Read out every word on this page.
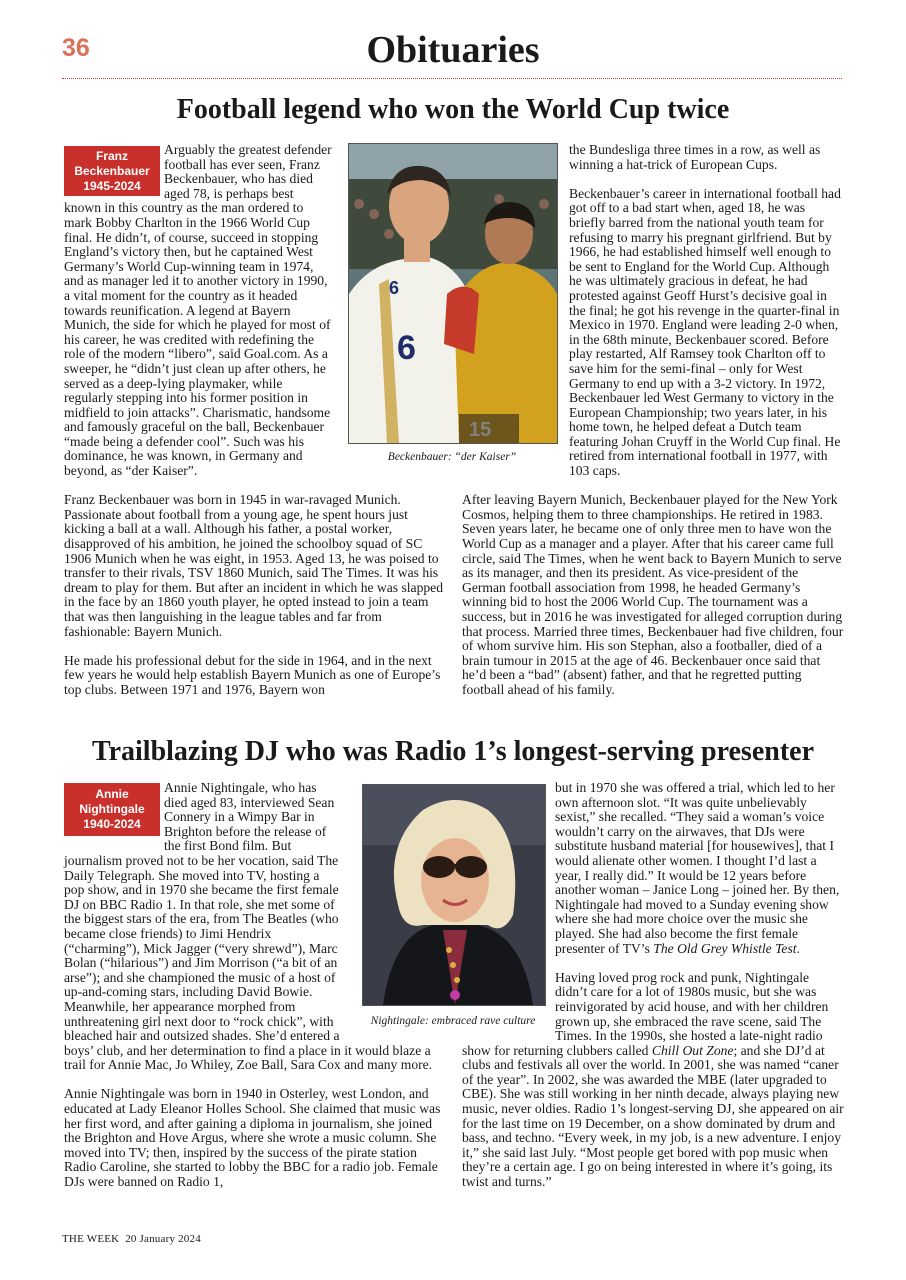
36	Obituaries
Football legend who won the World Cup twice
Franz Beckenbauer
1945-2024
6
6
Beckenbauer: “der Kaiser”

Arguably the greatest defender football has ever seen, Franz Beckenbauer, who has died aged 78, is perhaps best known in this country as the man ordered to mark Bobby Charlton in the 1966 World Cup final. He didn’t, of course, succeed in stopping England’s victory then, but he captained West Germany’s World Cup-winning team in 1974, and as manager led it to another victory in 1990, a vital moment for the country as it headed towards reunification. A legend at Bayern Munich, the side for which he played for most of his career, he was credited with redefining the role of the modern “libero”, said Goal.com. As a sweeper, he “didn’t just clean up after others, he served as a deep-lying playmaker, while regularly stepping into his former position in midfield to join attacks”. Charismatic, handsome and famously graceful on the ball, Beckenbauer “made being a defender cool”. Such was his dominance, he was known, in Germany and beyond, as “der Kaiser”.

Franz Beckenbauer was born in 1945 in war-ravaged Munich. Passionate about football from a young age, he spent hours just kicking a ball at a wall. Although his father, a postal worker, disapproved of his ambition, he joined the schoolboy squad of SC 1906 Munich when he was eight, in 1953. Aged 13, he was poised to transfer to their rivals, TSV 1860 Munich, said The Times. It was his dream to play for them. But after an incident in which he was slapped in the face by an 1860 youth player, he opted instead to join a team that was then languishing in the league tables and far from fashionable: Bayern Munich.

He made his professional debut for the side in 1964, and in the next few years he would help establish Bayern Munich as one of Europe’s top clubs. Between 1971 and 1976, Bayern won

the Bundesliga three times in a row, as well as winning a hat-trick of European Cups.

Beckenbauer’s career in international football had got off to a bad start when, aged 18, he was briefly barred from the national youth team for refusing to marry his pregnant girlfriend. But by 1966, he had established himself well enough to be sent to England for the World Cup. Although he was ultimately gracious in defeat, he had protested against Geoff Hurst’s decisive goal in the final; he got his revenge in the quarter-final in Mexico in 1970. England were leading 2-0 when, in the 68th minute, Beckenbauer scored. Before play restarted, Alf Ramsey took Charlton off to save him for the semi-final – only for West Germany to end up with a 3-2 victory. In 1972, Beckenbauer led West Germany to victory in the European Championship; two years later, in his home town, he helped defeat a Dutch team featuring Johan Cruyff in the World Cup final. He retired from international football in 1977, with 103 caps.

After leaving Bayern Munich, Beckenbauer played for the New York Cosmos, helping them to three championships. He retired in 1983. Seven years later, he became one of only three men to have won the World Cup as a manager and a player. After that his career came full circle, said The Times, when he went back to Bayern Munich to serve as its manager, and then its president. As vice-president of the German football association from 1998, he headed Germany’s winning bid to host the 2006 World Cup. The tournament was a success, but in 2016 he was investigated for alleged corruption during that process. Married three times, Beckenbauer had five children, four of whom survive him. His son Stephan, also a footballer, died of a brain tumour in 2015 at the age of 46. Beckenbauer once said that he’d been a “bad” (absent) father, and that he regretted putting football ahead of his family.

Trailblazing DJ who was Radio 1’s longest-serving presenter
Annie Nightingale
1940-2024
Nightingale: embraced rave culture

Annie Nightingale, who has died aged 83, interviewed Sean Connery in a Wimpy Bar in Brighton before the release of the first Bond film. But journalism proved not to be her vocation, said The Daily Telegraph. She moved into TV, hosting a pop show, and in 1970 she became the first female DJ on BBC Radio 1. In that role, she met some of the biggest stars of the era, from The Beatles (who became close friends) to Jimi Hendrix (“charming”), Mick Jagger (“very shrewd”), Marc Bolan (“hilarious”) and Jim Morrison (“a bit of an arse”); and she championed the music of a host of up-and-coming stars, including David Bowie. Meanwhile, her appearance morphed from unthreatening girl next door to “rock chick”, with bleached hair and outsized shades. She’d entered a boys’ club, and her determination to find a place in it would blaze a trail for Annie Mac, Jo Whiley, Zoe Ball, Sara Cox and many more.

Annie Nightingale was born in 1940 in Osterley, west London, and educated at Lady Eleanor Holles School. She claimed that music was her first word, and after gaining a diploma in journalism, she joined the Brighton and Hove Argus, where she wrote a music column. She moved into TV; then, inspired by the success of the pirate station Radio Caroline, she started to lobby the BBC for a radio job. Female DJs were banned on Radio 1,

but in 1970 she was offered a trial, which led to her own afternoon slot. “It was quite unbelievably sexist,” she recalled. “They said a woman’s voice wouldn’t carry on the airwaves, that DJs were substitute husband material [for housewives], that I would alienate other women. I thought I’d last a year, I really did.” It would be 12 years before another woman – Janice Long – joined her. By then, Nightingale had moved to a Sunday evening show where she had more choice over the music she played. She had also become the first female presenter of TV’s The Old Grey Whistle Test.

Having loved prog rock and punk, Nightingale didn’t care for a lot of 1980s music, but she was reinvigorated by acid house, and with her children grown up, she embraced the rave scene, said The Times. In the 1990s, she hosted a late-night radio show for returning clubbers called Chill Out Zone; and she DJ’d at clubs and festivals all over the world. In 2001, she was named “caner of the year”. In 2002, she was awarded the MBE (later upgraded to CBE). She was still working in her ninth decade, always playing new music, never oldies. Radio 1’s longest-serving DJ, she appeared on air for the last time on 19 December, on a show dominated by drum and bass, and techno. “Every week, in my job, is a new adventure. I enjoy it,” she said last July. “Most people get bored with pop music when they’re a certain age. I go on being interested in where it’s going, its twist and turns.”

THE WEEK  20 January 2024
